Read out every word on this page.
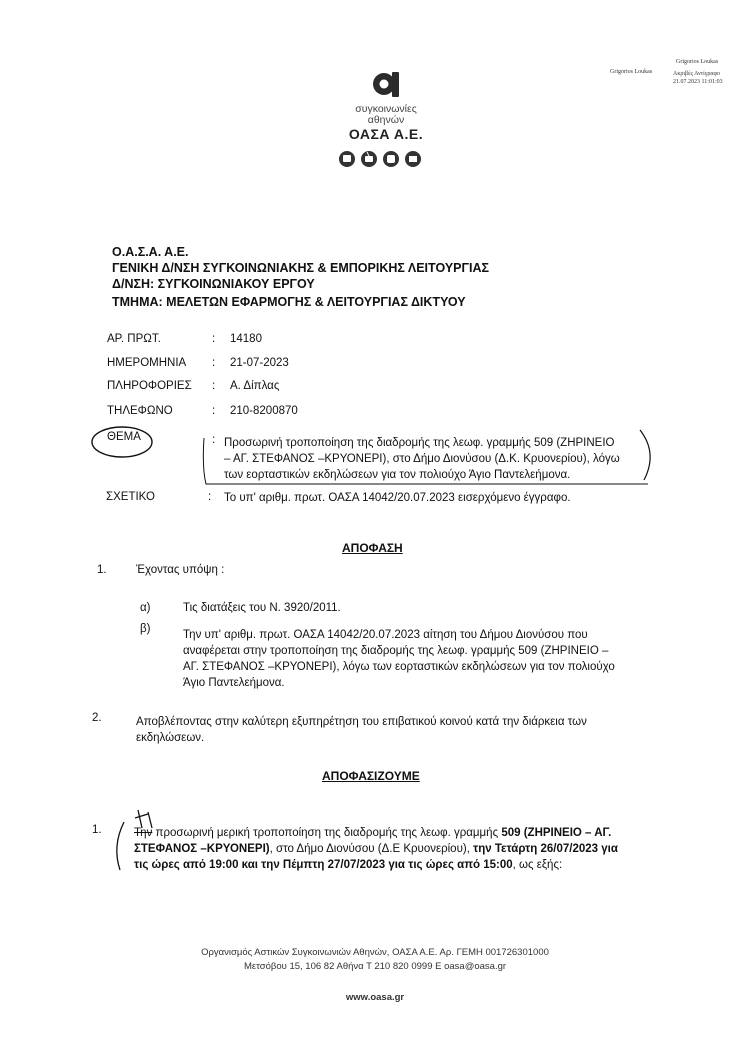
Grigorios Loukas
Grigorios Loukas
Ακριβές Αντίγραφο
21.07.2023 11:01:03
συγκοινωνίες
αθηνών
ΟΑΣΑ Α.Ε.
Ο.Α.Σ.Α. Α.Ε.
ΓΕΝΙΚΗ Δ/ΝΣΗ ΣΥΓΚΟΙΝΩΝΙΑΚΗΣ & ΕΜΠΟΡΙΚΗΣ ΛΕΙΤΟΥΡΓΙΑΣ
Δ/ΝΣΗ: ΣΥΓΚΟΙΝΩΝΙΑΚΟΥ ΕΡΓΟΥ
ΤΜΗΜΑ: ΜΕΛΕΤΩΝ ΕΦΑΡΜΟΓΗΣ & ΛΕΙΤΟΥΡΓΙΑΣ ΔΙΚΤΥΟΥ
ΑΡ. ΠΡΩΤ.	: 14180
ΗΜΕΡΟΜΗΝΙΑ : 21-07-2023
ΠΛΗΡΟΦΟΡΙΕΣ : Α. Δίπλας
ΤΗΛΕΦΩΝΟ	: 210-8200870
ΘΕΜΑ	: Προσωρινή τροποποίηση της διαδρομής της λεωφ. γραμμής 509 (ΖΗΡΙΝΕΙΟ
– ΑΓ. ΣΤΕΦΑΝΟΣ –ΚΡΥΟΝΕΡΙ), στο Δήμο Διονύσου (Δ.Κ. Κρυονερίου), λόγω
των εορταστικών εκδηλώσεων για τον πολιούχο Άγιο Παντελεήμονα.
ΣΧΕΤΙΚΟ	: Το υπ' αριθμ. πρωτ. ΟΑΣΑ 14042/20.07.2023 εισερχόμενο έγγραφο.
ΑΠΟΦΑΣΗ
1.	Έχοντας υπόψη :
α)	Τις διατάξεις του Ν. 3920/2011.
β)	Την υπ' αριθμ. πρωτ. ΟΑΣΑ 14042/20.07.2023 αίτηση του Δήμου Διονύσου που
αναφέρεται στην τροποποίηση της διαδρομής της λεωφ. γραμμής 509 (ΖΗΡΙΝΕΙΟ –
ΑΓ. ΣΤΕΦΑΝΟΣ –ΚΡΥΟΝΕΡΙ), λόγω των εορταστικών εκδηλώσεων για τον πολιούχο
Άγιο Παντελεήμονα.
2.	Αποβλέποντας στην καλύτερη εξυπηρέτηση του επιβατικού κοινού κατά την διάρκεια των
εκδηλώσεων.
ΑΠΟΦΑΣΙΖΟΥΜΕ
1.	Την προσωρινή μερική τροποποίηση της διαδρομής της λεωφ. γραμμής 509 (ΖΗΡΙΝΕΙΟ – ΑΓ.
ΣΤΕΦΑΝΟΣ –ΚΡΥΟΝΕΡΙ), στο Δήμο Διονύσου (Δ.Ε Κρυονερίου), την Τετάρτη 26/07/2023 για
τις ώρες από 19:00 και την Πέμπτη 27/07/2023 για τις ώρες από 15:00, ως εξής:
Οργανισμός Αστικών Συγκοινωνιών Αθηνών, ΟΑΣΑ Α.Ε. Αρ. ΓΕΜΗ 001726301000
Μετσόβου 15, 106 82 Αθήνα Τ 210 820 0999 E oasa@oasa.gr
www.oasa.gr
